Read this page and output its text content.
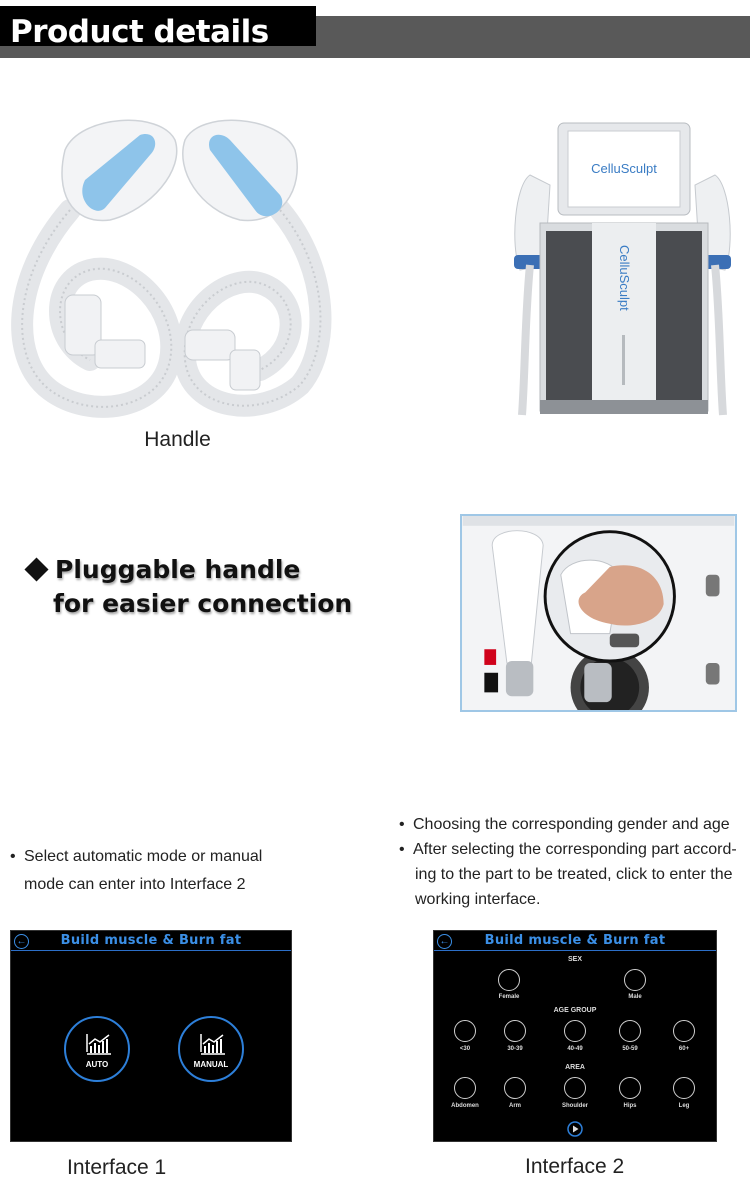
Product details
Handle
CelluSculpt
CelluSculpt
Pluggable handle
for easier connection
• Select automatic mode or manual
mode can enter into Interface 2
• Choosing the corresponding gender and age
• After selecting the corresponding part accord-
ing to the part to be treated, click to enter the
working interface.
←	Build muscle & Burn fat
AUTO	MANUAL
←	Build muscle & Burn fat
SEX
Female	Male
AGE GROUP
<30	30-39	40-49	50-59	60+
AREA
Abdomen	Arm	Shoulder	Hips	Leg
Interface 1	Interface 2
